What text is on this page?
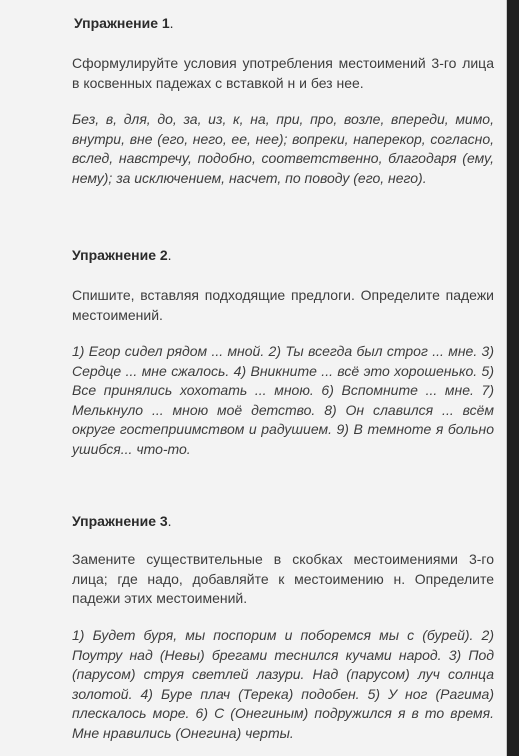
Упражнение 1.

Сформулируйте условия употребления местоимений 3-го лица в косвенных падежах с вставкой н и без нее.

Без, в, для, до, за, из, к, на, при, про, возле, впереди, мимо, внутри, вне (его, него, ее, нее); вопреки, наперекор, согласно, вслед, навстречу, подобно, соответственно, благодаря (ему, нему); за исключением, насчет, по поводу (его, него).

Упражнение 2.

Спишите, вставляя подходящие предлоги. Определите падежи местоимений.

1) Егор сидел рядом ... мной. 2) Ты всегда был строг ... мне. 3) Сердце ... мне сжалось. 4) Вникните ... всё это хорошенько. 5) Все принялись хохотать ... мною. 6) Вспомните ... мне. 7) Мелькнуло ... мною моё детство. 8) Он славился ... всём округе гостеприимством и радушием. 9) В темноте я больно ушибся... что-то.

Упражнение 3.

Замените существительные в скобках местоимениями 3-го лица; где надо, добавляйте к местоимению н. Определите падежи этих местоимений.

1) Будет буря, мы поспорим и поборемся мы с (бурей). 2) Поутру над (Невы) брегами теснился кучами народ. 3) Под (парусом) струя светлей лазури. Над (парусом) луч солнца золотой. 4) Буре плач (Терека) подобен. 5) У ног (Рагима) плескалось море. 6) С (Онегиным) подружился я в то время. Мне нравились (Онегина) черты.
